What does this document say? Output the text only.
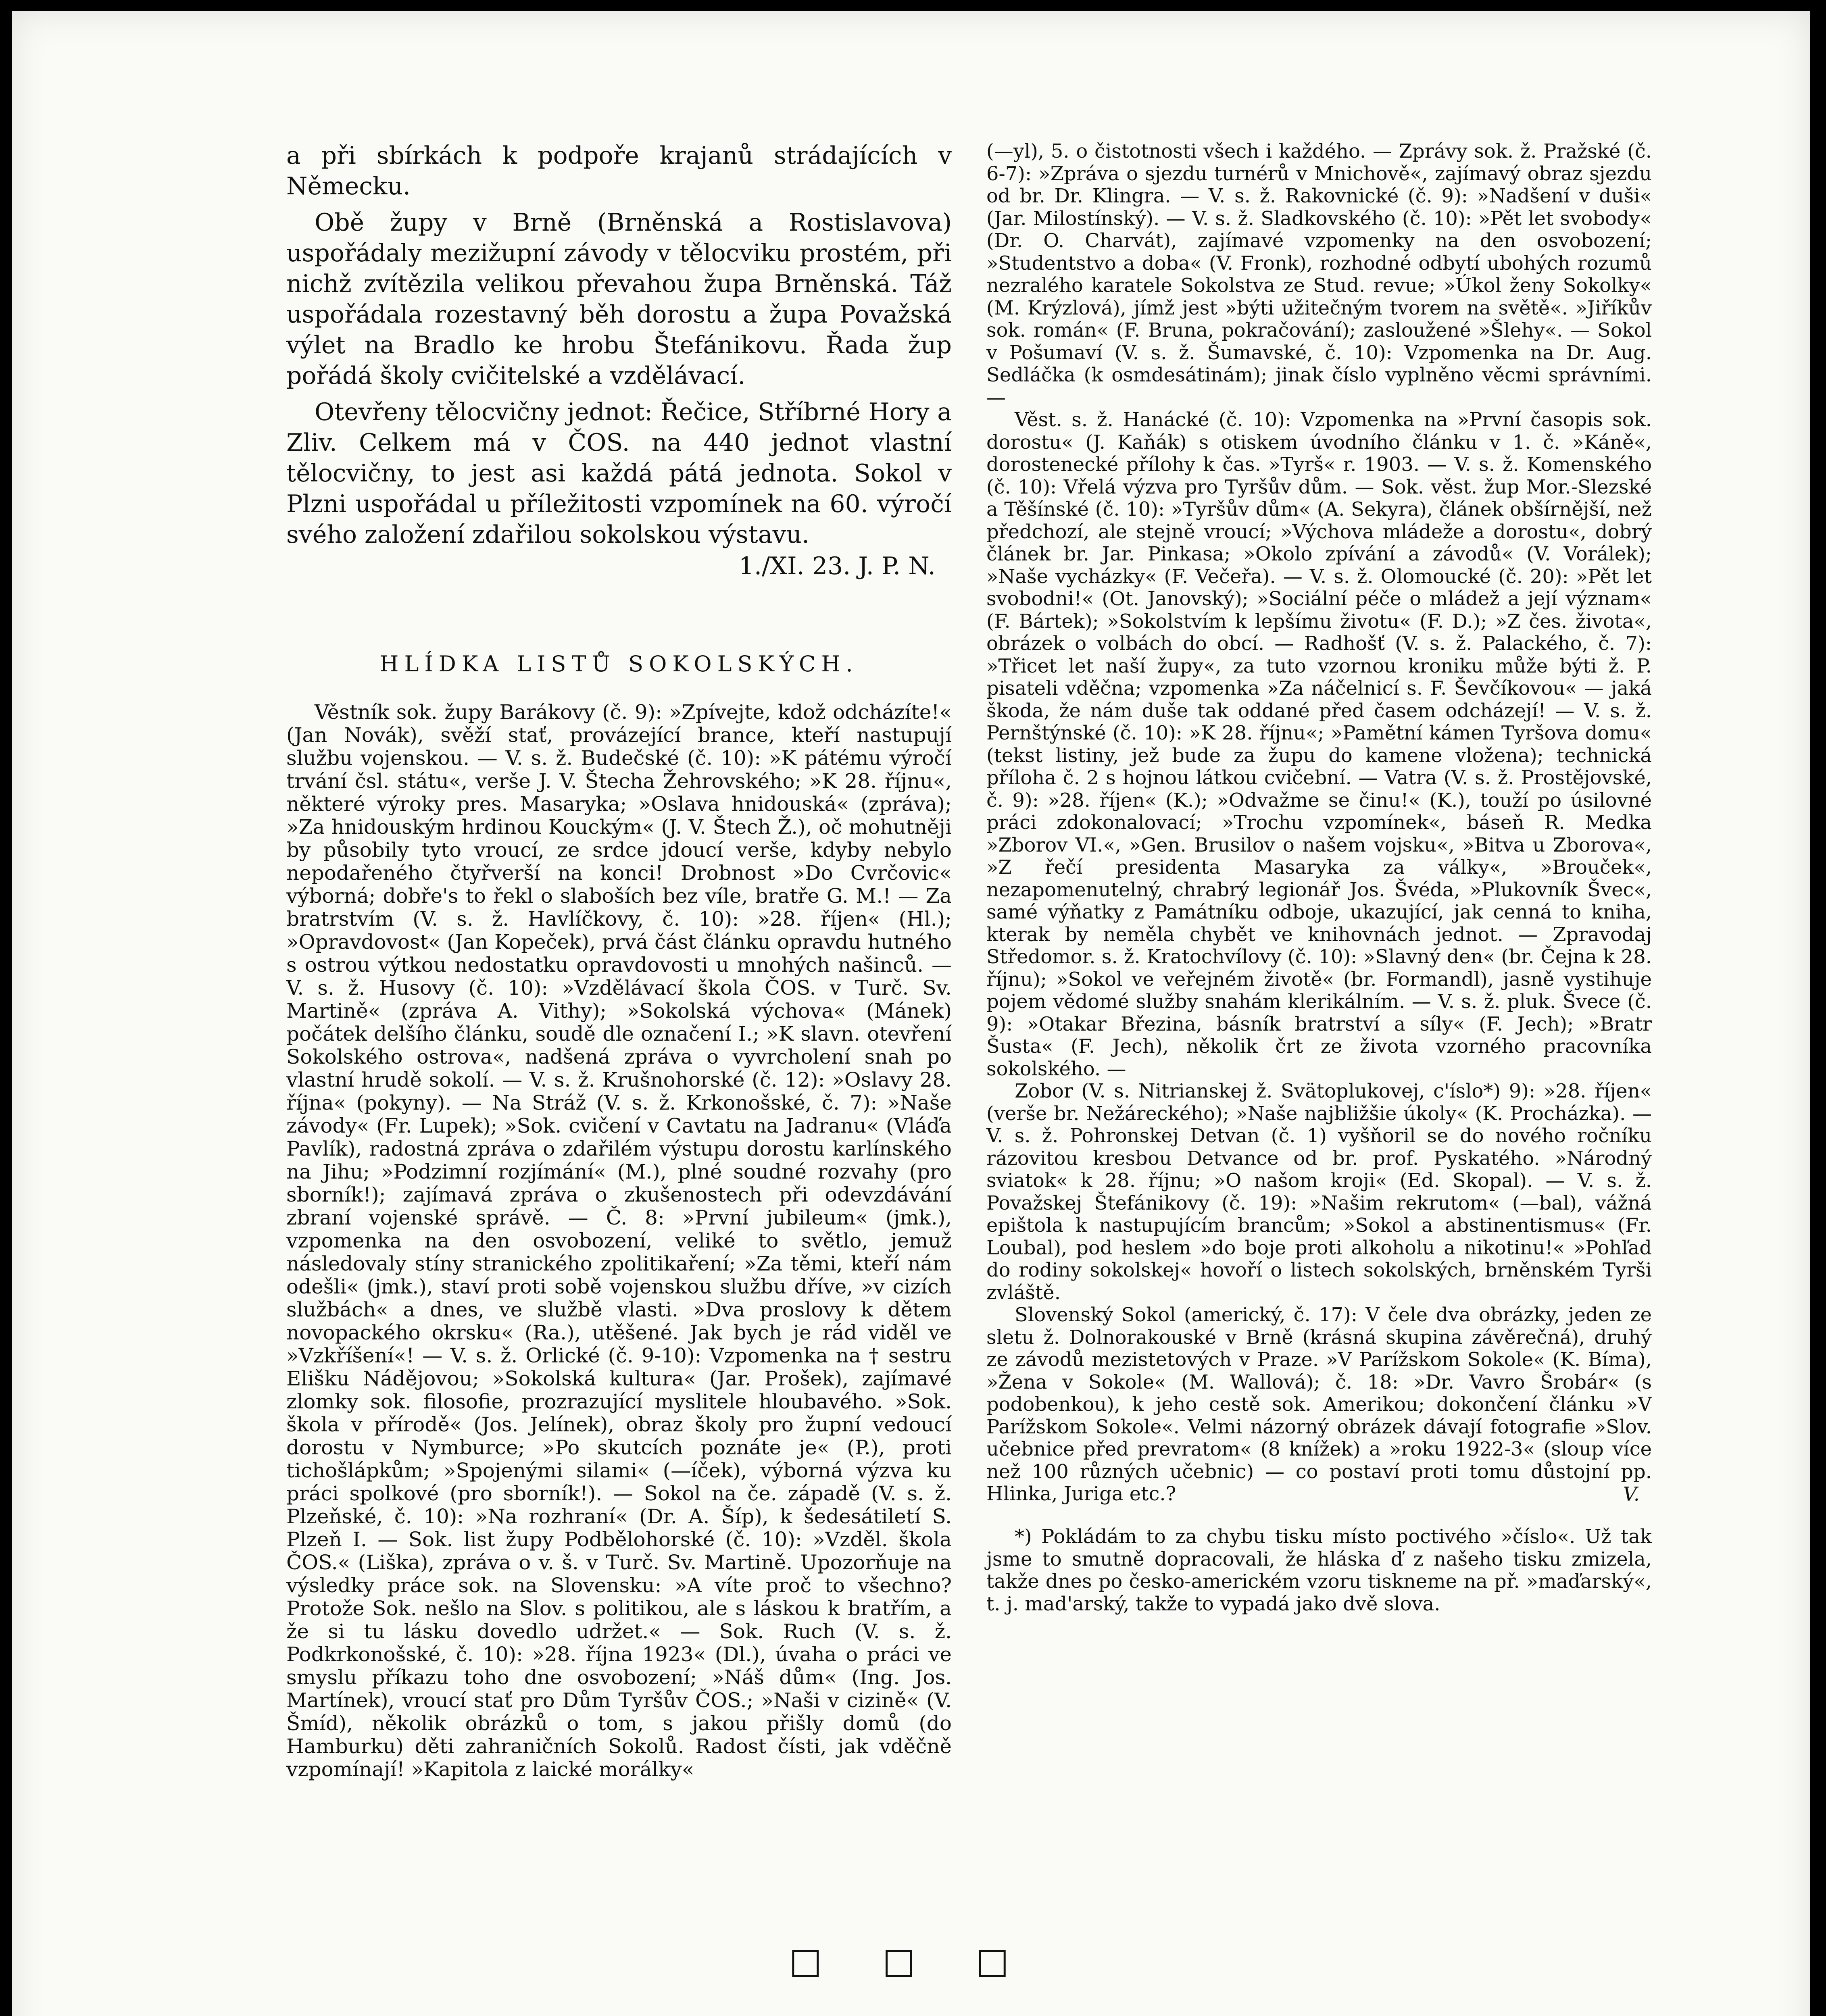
a při sbírkách k podpoře krajanů strádajících v Německu.

Obě župy v Brně (Brněnská a Rostislavova) uspořádaly mezižupní závody v tělocviku prostém, při nichž zvítězila velikou převahou župa Brněnská. Táž uspořádala rozestavný běh dorostu a župa Považská výlet na Bradlo ke hrobu Štefánikovu. Řada žup pořádá školy cvičitelské a vzdělávací.

Otevřeny tělocvičny jednot: Řečice, Stříbrné Hory a Zliv. Celkem má v ČOS. na 440 jednot vlastní tělocvičny, to jest asi každá pátá jednota. Sokol v Plzni uspořádal u příležitosti vzpomínek na 60. výročí svého založení zdařilou sokolskou výstavu.

1./XI. 23. J. P. N.
HLÍDKA LISTŮ SOKOLSKÝCH.

Věstník sok. župy Barákovy (č. 9): »Zpívejte, kdož odcházíte!« (Jan Novák), svěží stať, provázející brance, kteří nastupují službu vojenskou. — V. s. ž. Budečské (č. 10): »K pátému výročí trvání čsl. státu«, verše J. V. Štecha Žehrovského; »K 28. říjnu«, některé výroky pres. Masaryka; »Oslava hnidouská« (zpráva); »Za hnidouským hrdinou Kouckým« (J. V. Štech Ž.), oč mohutněji by působily tyto vroucí, ze srdce jdoucí verše, kdyby nebylo nepodařeného čtyřverší na konci! Drobnost »Do Cvrčovic« výborná; dobře's to řekl o slaboších bez víle, bratře G. M.! — Za bratrstvím (V. s. ž. Havlíčkovy, č. 10): »28. říjen« (Hl.); »Opravdovost« (Jan Kopeček), prvá část článku opravdu hutného s ostrou výtkou nedostatku opravdovosti u mnohých našinců. — V. s. ž. Husovy (č. 10): »Vzdělávací škola ČOS. v Turč. Sv. Martině« (zpráva A. Vithy); »Sokolská výchova« (Mánek) počátek delšího článku, soudě dle označení I.; »K slavn. otevření Sokolského ostrova«, nadšená zpráva o vyvrcholení snah po vlastní hrudě sokolí. — V. s. ž. Krušnohorské (č. 12): »Oslavy 28. října« (pokyny). — Na Stráž (V. s. ž. Krkonošské, č. 7): »Naše závody« (Fr. Lupek); »Sok. cvičení v Cavtatu na Jadranu« (Vláďa Pavlík), radostná zpráva o zdařilém výstupu dorostu karlínského na Jihu; »Podzimní rozjímání« (M.), plné soudné rozvahy (pro sborník!); zajímavá zpráva o zkušenostech při odevzdávání zbraní vojenské správě. — Č. 8: »První jubileum« (jmk.), vzpomenka na den osvobození, veliké to světlo, jemuž následovaly stíny stranického zpolitikaření; »Za těmi, kteří nám odešli« (jmk.), staví proti sobě vojenskou službu dříve, »v cizích službách« a dnes, ve službě vlasti. »Dva proslovy k dětem novopackého okrsku« (Ra.), utěšené. Jak bych je rád viděl ve »Vzkříšení«! — V. s. ž. Orlické (č. 9-10): Vzpomenka na † sestru Elišku Nádějovou; »Sokolská kultura« (Jar. Prošek), zajímavé zlomky sok. filosofie, prozrazující myslitele hloubavého. »Sok. škola v přírodě« (Jos. Jelínek), obraz školy pro župní vedoucí dorostu v Nymburce; »Po skutcích poznáte je« (P.), proti tichošlápkům; »Spojenými silami« (—íček), výborná výzva ku práci spolkové (pro sborník!). — Sokol na če. západě (V. s. ž. Plzeňské, č. 10): »Na rozhraní« (Dr. A. Šíp), k šedesátiletí S. Plzeň I. — Sok. list župy Podbělohorské (č. 10): »Vzděl. škola ČOS.« (Liška), zpráva o v. š. v Turč. Sv. Martině. Upozorňuje na výsledky práce sok. na Slovensku: »A víte proč to všechno? Protože Sok. nešlo na Slov. s politikou, ale s láskou k bratřím, a že si tu lásku dovedlo udržet.« — Sok. Ruch (V. s. ž. Podkrkonošské, č. 10): »28. října 1923« (Dl.), úvaha o práci ve smyslu příkazu toho dne osvobození; »Náš dům« (Ing. Jos. Martínek), vroucí stať pro Dům Tyršův ČOS.; »Naši v cizině« (V. Šmíd), několik obrázků o tom, s jakou přišly domů (do Hamburku) děti zahraničních Sokolů. Radost čísti, jak vděčně vzpomínají! »Kapitola z laické morálky«

(—yl), 5. o čistotnosti všech i každého. — Zprávy sok. ž. Pražské (č. 6-7): »Zpráva o sjezdu turnérů v Mnichově«, zajímavý obraz sjezdu od br. Dr. Klingra. — V. s. ž. Rakovnické (č. 9): »Nadšení v duši« (Jar. Milostínský). — V. s. ž. Sladkovského (č. 10): »Pět let svobody« (Dr. O. Charvát), zajímavé vzpomenky na den osvobození; »Studentstvo a doba« (V. Fronk), rozhodné odbytí ubohých rozumů nezralého karatele Sokolstva ze Stud. revue; »Úkol ženy Sokolky« (M. Krýzlová), jímž jest »býti užitečným tvorem na světě«. »Jiříkův sok. román« (F. Bruna, pokračování); zasloužené »Šlehy«. — Sokol v Pošumaví (V. s. ž. Šumavské, č. 10): Vzpomenka na Dr. Aug. Sedláčka (k osmdesátinám); jinak číslo vyplněno věcmi správními. —

Věst. s. ž. Hanácké (č. 10): Vzpomenka na »První časopis sok. dorostu« (J. Kaňák) s otiskem úvodního článku v 1. č. »Káně«, dorostenecké přílohy k čas. »Tyrš« r. 1903. — V. s. ž. Komenského (č. 10): Vřelá výzva pro Tyršův dům. — Sok. věst. žup Mor.-Slezské a Těšínské (č. 10): »Tyršův dům« (A. Sekyra), článek obšírnější, než předchozí, ale stejně vroucí; »Výchova mládeže a dorostu«, dobrý článek br. Jar. Pinkasa; »Okolo zpívání a závodů« (V. Vorálek); »Naše vycházky« (F. Večeřa). — V. s. ž. Olomoucké (č. 20): »Pět let svobodni!« (Ot. Janovský); »Sociální péče o mládež a její význam« (F. Bártek); »Sokolstvím k lepšímu životu« (F. D.); »Z čes. života«, obrázek o volbách do obcí. — Radhošť (V. s. ž. Palackého, č. 7): »Třicet let naší župy«, za tuto vzornou kroniku může býti ž. P. pisateli vděčna; vzpomenka »Za náčelnicí s. F. Ševčíkovou« — jaká škoda, že nám duše tak oddané před časem odcházejí! — V. s. ž. Pernštýnské (č. 10): »K 28. říjnu«; »Pamětní kámen Tyršova domu« (tekst listiny, jež bude za župu do kamene vložena); technická příloha č. 2 s hojnou látkou cvičební. — Vatra (V. s. ž. Prostějovské, č. 9): »28. říjen« (K.); »Odvažme se činu!« (K.), touží po úsilovné práci zdokonalovací; »Trochu vzpomínek«, báseň R. Medka »Zborov VI.«, »Gen. Brusilov o našem vojsku«, »Bitva u Zborova«, »Z řečí presidenta Masaryka za války«, »Brouček«, nezapomenutelný, chrabrý legionář Jos. Švéda, »Plukovník Švec«, samé výňatky z Památníku odboje, ukazující, jak cenná to kniha, kterak by neměla chybět ve knihovnách jednot. — Zpravodaj Středomor. s. ž. Kratochvílovy (č. 10): »Slavný den« (br. Čejna k 28. říjnu); »Sokol ve veřejném životě« (br. Formandl), jasně vystihuje pojem vědomé služby snahám klerikálním. — V. s. ž. pluk. Švece (č. 9): »Otakar Březina, básník bratrství a síly« (F. Jech); »Bratr Šusta« (F. Jech), několik črt ze života vzorného pracovníka sokolského. —

Zobor (V. s. Nitrianskej ž. Svätoplukovej, c'íslo*) 9): »28. říjen« (verše br. Nežáreckého); »Naše najbližšie úkoly« (K. Procházka). — V. s. ž. Pohronskej Detvan (č. 1) vyšňoril se do nového ročníku rázovitou kresbou Detvance od br. prof. Pyskatého. »Národný sviatok« k 28. říjnu; »O našom kroji« (Ed. Skopal). — V. s. ž. Považskej Štefánikovy (č. 19): »Našim rekrutom« (—bal), vážná epištola k nastupujícím brancům; »Sokol a abstinentismus« (Fr. Loubal), pod heslem »do boje proti alkoholu a nikotinu!« »Pohľad do rodiny sokolskej« hovoří o listech sokolských, brněnském Tyrši zvláště.

Slovenský Sokol (americký, č. 17): V čele dva obrázky, jeden ze sletu ž. Dolnorakouské v Brně (krásná skupina závěrečná), druhý ze závodů mezistetových v Praze. »V Parížskom Sokole« (K. Bíma), »Žena v Sokole« (M. Wallová); č. 18: »Dr. Vavro Šrobár« (s podobenkou), k jeho cestě sok. Amerikou; dokončení článku »V Parížskom Sokole«. Velmi názorný obrázek dávají fotografie »Slov. učebnice před prevratom« (8 knížek) a »roku 1922-3« (sloup více než 100 různých učebnic) — co postaví proti tomu důstojní pp. Hlinka, Juriga etc.?	V.

*) Pokládám to za chybu tisku místo poctivého »číslo«. Už tak jsme to smutně dopracovali, že hláska ď z našeho tisku zmizela, takže dnes po česko-americkém vzoru tiskneme na př. »maďarský«, t. j. mad'arský, takže to vypadá jako dvě slova.

☐ ☐ ☐
